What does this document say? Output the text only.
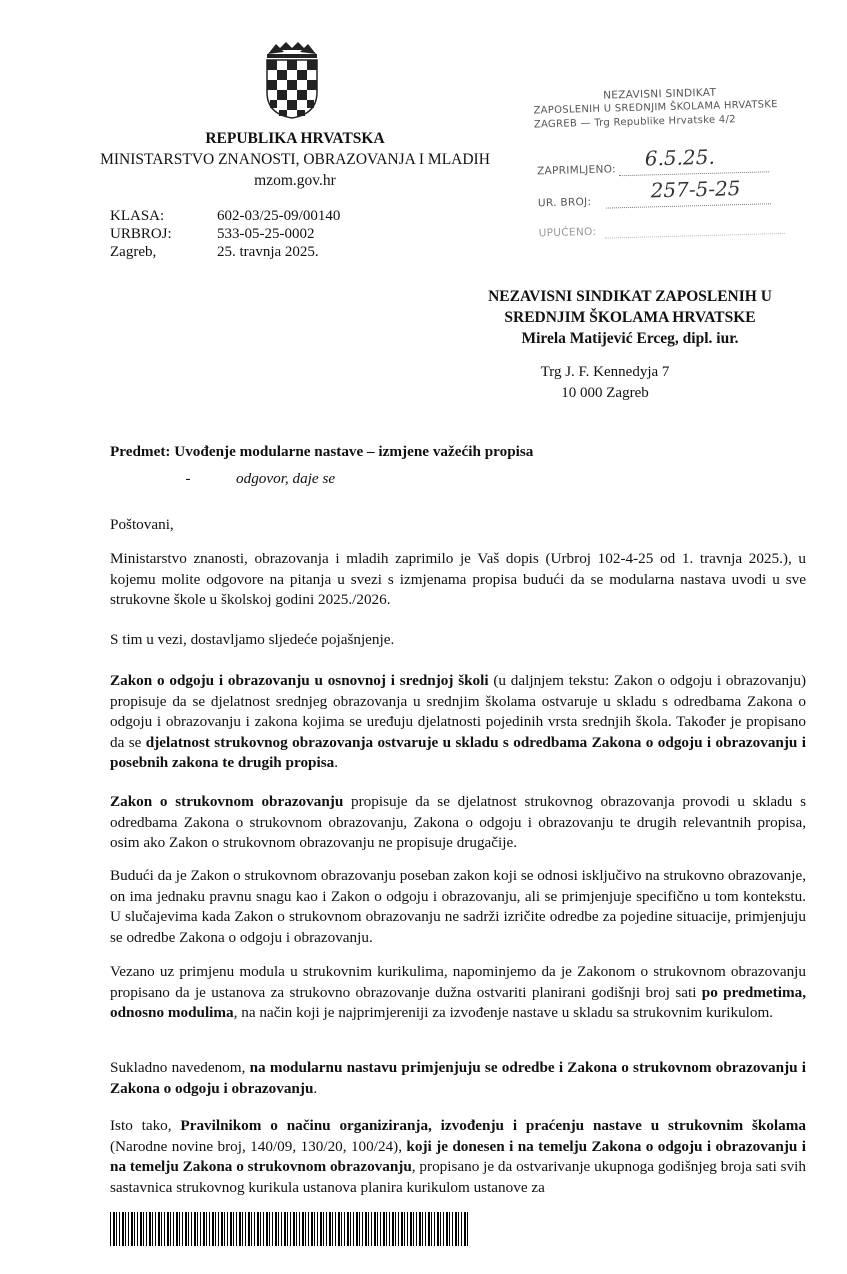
REPUBLIKA HRVATSKA
MINISTARSTVO ZNANOSTI, OBRAZOVANJA I MLADIH
mzom.gov.hr
KLASA:
URBROJ:
Zagreb,
602-03/25-09/00140
533-05-25-0002
25. travnja 2025.
NEZAVISNI SINDIKAT
ZAPOSLENIH U SREDNJIM ŠKOLAMA HRVATSKE
ZAGREB — Trg Republike Hrvatske 4/2
ZAPRIMLJENO: 6.5.25.
UR. BROJ:
257-5-25
UPUĆENO:
NEZAVISNI SINDIKAT ZAPOSLENIH U
SREDNJIM ŠKOLAMA HRVATSKE
Mirela Matijević Erceg, dipl. iur.
Trg J. F. Kennedyja 7
10 000 Zagreb
Predmet: Uvođenje modularne nastave – izmjene važećih propisa
-	odgovor, daje se
Poštovani,
Ministarstvo znanosti, obrazovanja i mladih zaprimilo je Vaš dopis (Urbroj 102-4-25 od 1. travnja 2025.), u kojemu molite odgovore na pitanja u svezi s izmjenama propisa budući da se modularna nastava uvodi u sve strukovne škole u školskoj godini 2025./2026.
S tim u vezi, dostavljamo sljedeće pojašnjenje.
Zakon o odgoju i obrazovanju u osnovnoj i srednjoj školi (u daljnjem tekstu: Zakon o odgoju i obrazovanju) propisuje da se djelatnost srednjeg obrazovanja u srednjim školama ostvaruje u skladu s odredbama Zakona o odgoju i obrazovanju i zakona kojima se uređuju djelatnosti pojedinih vrsta srednjih škola. Također je propisano da se djelatnost strukovnog obrazovanja ostvaruje u skladu s odredbama Zakona o odgoju i obrazovanju i posebnih zakona te drugih propisa.
Zakon o strukovnom obrazovanju propisuje da se djelatnost strukovnog obrazovanja provodi u skladu s odredbama Zakona o strukovnom obrazovanju, Zakona o odgoju i obrazovanju te drugih relevantnih propisa, osim ako Zakon o strukovnom obrazovanju ne propisuje drugačije.
Budući da je Zakon o strukovnom obrazovanju poseban zakon koji se odnosi isključivo na strukovno obrazovanje, on ima jednaku pravnu snagu kao i Zakon o odgoju i obrazovanju, ali se primjenjuje specifično u tom kontekstu. U slučajevima kada Zakon o strukovnom obrazovanju ne sadrži izričite odredbe za pojedine situacije, primjenjuju se odredbe Zakona o odgoju i obrazovanju.
Vezano uz primjenu modula u strukovnim kurikulima, napominjemo da je Zakonom o strukovnom obrazovanju propisano da je ustanova za strukovno obrazovanje dužna ostvariti planirani godišnji broj sati po predmetima, odnosno modulima, na način koji je najprimjereniji za izvođenje nastave u skladu sa strukovnim kurikulom.
Sukladno navedenom, na modularnu nastavu primjenjuju se odredbe i Zakona o strukovnom obrazovanju i Zakona o odgoju i obrazovanju.
Isto tako, Pravilnikom o načinu organiziranja, izvođenju i praćenju nastave u strukovnim školama (Narodne novine broj, 140/09, 130/20, 100/24), koji je donesen i na temelju Zakona o odgoju i obrazovanju i na temelju Zakona o strukovnom obrazovanju, propisano je da ostvarivanje ukupnoga godišnjeg broja sati svih sastavnica strukovnog kurikula ustanova planira kurikulom ustanove za
